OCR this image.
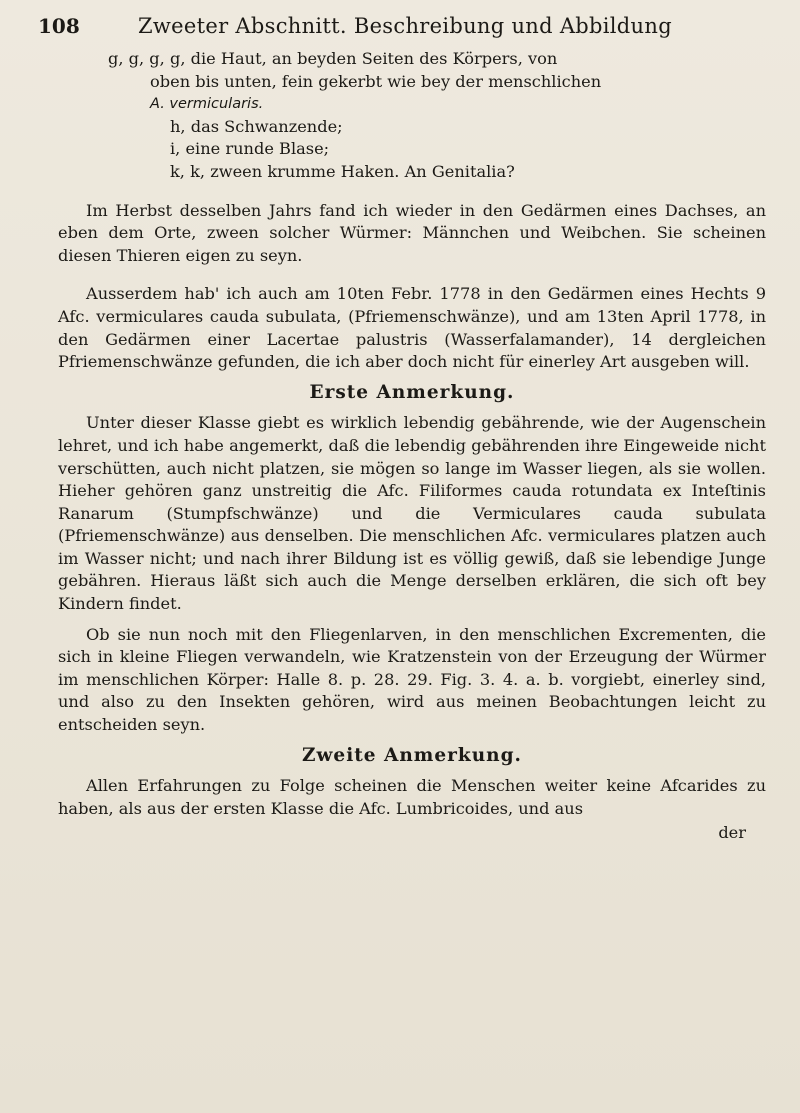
108	Zweeter Abschnitt. Beschreibung und Abbildung
g, g, g, g, die Haut, an beyden Seiten des Körpers, von
oben bis unten, fein gekerbt wie bey der menschlichen
A. vermicularis.
h, das Schwanzende;
i, eine runde Blase;
k, k, zween krumme Haken. An Genitalia?

Im Herbst desselben Jahrs fand ich wieder in den Gedärmen eines Dachses, an eben dem Orte, zween solcher Würmer: Männchen und Weibchen. Sie scheinen diesen Thieren eigen zu seyn.

Ausserdem hab' ich auch am 10ten Febr. 1778 in den Gedärmen eines Hechts 9 Afc. vermiculares cauda subulata, (Pfriemenschwänze), und am 13ten April 1778, in den Gedärmen einer Lacertae palustris (Wasserfalamander), 14 dergleichen Pfriemenschwänze gefunden, die ich aber doch nicht für einerley Art ausgeben will.

Erste Anmerkung.

Unter dieser Klasse giebt es wirklich lebendig gebährende, wie der Augenschein lehret, und ich habe angemerkt, daß die lebendig gebährenden ihre Eingeweide nicht verschütten, auch nicht platzen, sie mögen so lange im Wasser liegen, als sie wollen. Hieher gehören ganz unstreitig die Afc. Filiformes cauda rotundata ex Inteſtinis Ranarum (Stumpfschwänze) und die Vermiculares cauda subulata (Pfriemenschwänze) aus denselben. Die menschlichen Afc. vermiculares platzen auch im Wasser nicht; und nach ihrer Bildung ist es völlig gewiß, daß sie lebendige Junge gebähren. Hieraus läßt sich auch die Menge derselben erklären, die sich oft bey Kindern findet.

Ob sie nun noch mit den Fliegenlarven, in den menschlichen Excrementen, die sich in kleine Fliegen verwandeln, wie Kratzenstein von der Erzeugung der Würmer im menschlichen Körper: Halle 8. p. 28. 29. Fig. 3. 4. a. b. vorgiebt, einerley sind, und also zu den Insekten gehören, wird aus meinen Beobachtungen leicht zu entscheiden seyn.

Zweite Anmerkung.

Allen Erfahrungen zu Folge scheinen die Menschen weiter keine Afcarides zu haben, als aus der ersten Klasse die Afc. Lumbricoides, und aus

der
